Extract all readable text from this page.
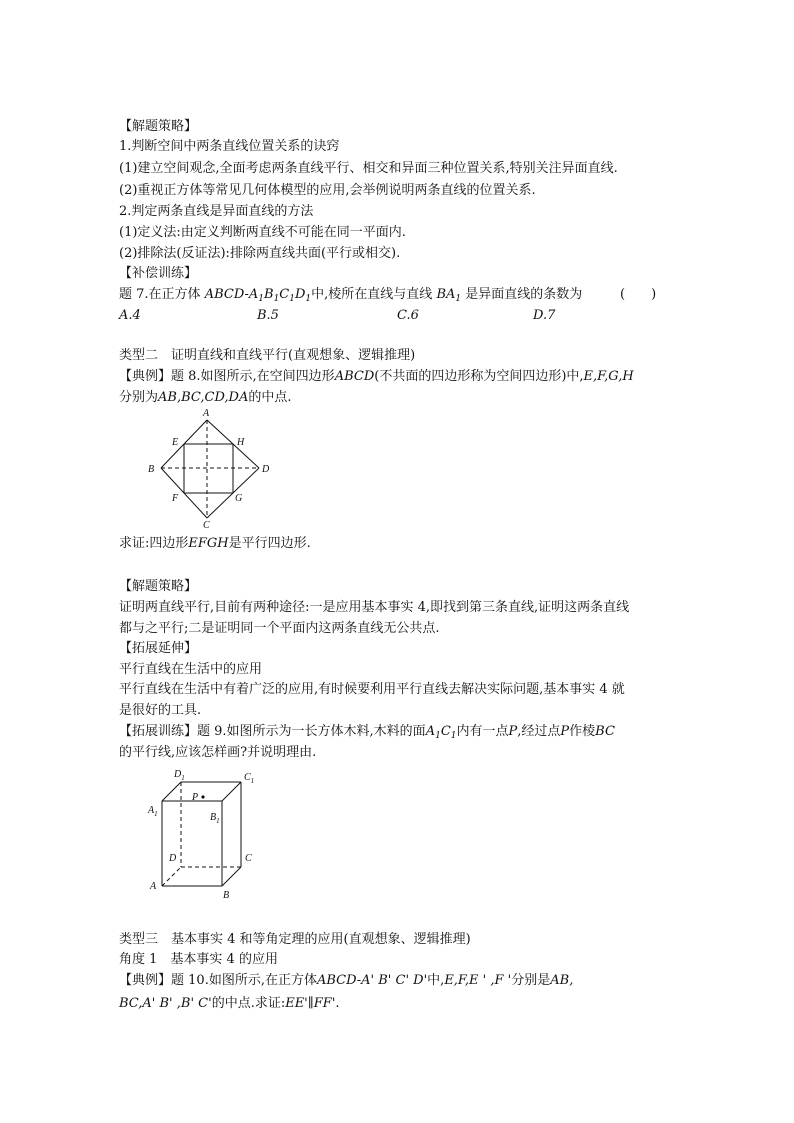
【解题策略】
1.判断空间中两条直线位置关系的诀窍
(1)建立空间观念,全面考虑两条直线平行、相交和异面三种位置关系,特别关注异面直线.
(2)重视正方体等常见几何体模型的应用,会举例说明两条直线的位置关系.
2.判定两条直线是异面直线的方法
(1)定义法:由定义判断两直线不可能在同一平面内.
(2)排除法(反证法):排除两直线共面(平行或相交).
【补偿训练】
题 7.在正方体 ABCD-$A_1B_1C_1D_1$中,棱所在直线与直线 $BA_1$ 是异面直线的条数为	(　　)
A.4	B.5	C.6	D.7
类型二　证明直线和直线平行(直观想象、逻辑推理)
【典例】题 8.如图所示,在空间四边形ABCD(不共面的四边形称为空间四边形)中,E,F,G,H
分别为AB,BC,CD,DA的中点.
A
B
C
D
E
F	G
H
求证:四边形EFGH是平行四边形.
【解题策略】
证明两直线平行,目前有两种途径:一是应用基本事实 4,即找到第三条直线,证明这两条直线
都与之平行;二是证明同一个平面内这两条直线无公共点.
【拓展延伸】
平行直线在生活中的应用
平行直线在生活中有着广泛的应用,有时候要利用平行直线去解决实际问题,基本事实 4 就
是很好的工具.
【拓展训练】题 9.如图所示为一长方体木料,木料的面$A_1C_1$内有一点P,经过点P作棱BC
的平行线,应该怎样画?并说明理由.
$D_1$	$C_1$
$A_1$	$B_1$
P
D	C
A
B
类型三　基本事实 4 和等角定理的应用(直观想象、逻辑推理)
角度 1　基本事实 4 的应用
【典例】题 10.如图所示,在正方体ABCD-A' B' C' D'中,E,F,E ' ,F '分别是AB,
BC,A' B' ,B' C'的中点.求证:EE'∥FF'.
